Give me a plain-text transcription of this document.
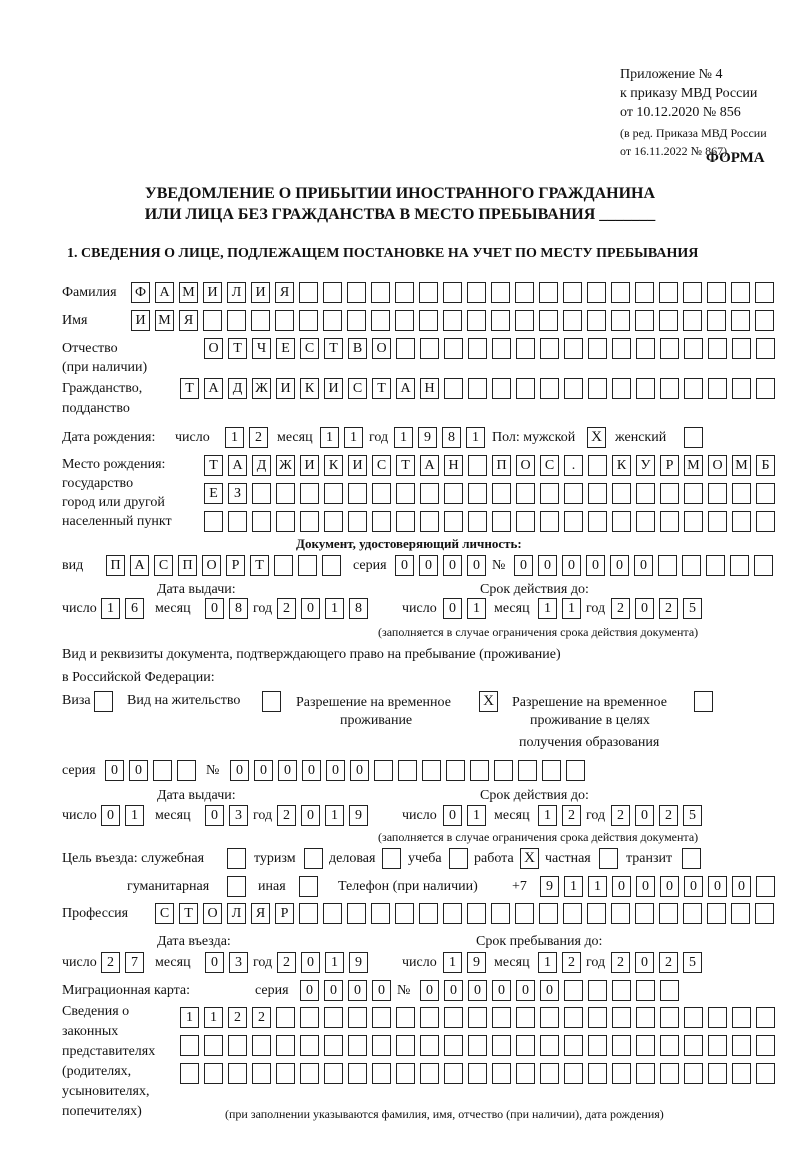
Приложение № 4
к приказу МВД России
от 10.12.2020 № 856
(в ред. Приказа МВД России
от 16.11.2022 № 867)
ФОРМА
УВЕДОМЛЕНИЕ О ПРИБЫТИИ ИНОСТРАННОГО ГРАЖДАНИНА
ИЛИ ЛИЦА БЕЗ ГРАЖДАНСТВА В МЕСТО ПРЕБЫВАНИЯ _______
1. СВЕДЕНИЯ О ЛИЦЕ, ПОДЛЕЖАЩЕМ ПОСТАНОВКЕ НА УЧЕТ ПО МЕСТУ ПРЕБЫВАНИЯ
Фамилия Ф А М И	Л	И	Я
Имя	И М Я
Отчество
(при наличии)
О	Т	Ч	Е	С	Т	В	О
Гражданство,
подданство
Т	А	Д Ж И	К	И	С	Т	А Н
Дата рождения: число	1	2	месяц 1	1 год 1	9	8	1 Пол: мужской X женский
Место рождения:
государство
город или другой
населенный пункт
Т	А	Д Ж И	К	И	С	Т	А Н	П О	С	.	К	У	Р М О М Б
Е	З
Документ, удостоверяющий личность:
вид	П А	С	П О	Р	Т	серия	0	0	0	0 №	0	0	0	0	0	0
Дата выдачи:	Срок действия до:
число 1	6	месяц	0	8 год 2	0	1	8	число 0	1	месяц	1	1 год 2	0	2	5
(заполняется в случае ограничения срока действия документа)
Вид и реквизиты документа, подтверждающего право на пребывание (проживание)
в Российской Федерации:
Виза	Вид на жительство	Разрешение на временное
проживание
X Разрешение на временное
проживание в целях
получения образования
серия	0	0	№	0	0	0	0	0	0
Дата выдачи:	Срок действия до:
число 0	1	месяц	0	3 год 2	0	1	9	число 0	1	месяц	1	2 год 2	0	2	5
(заполняется в случае ограничения срока действия документа)
Цель въезда: служебная	туризм деловая учеба работа X частная	транзит
гуманитарная	иная	Телефон (при наличии) +7	9	1	1	0	0	0	0	0	0
Профессия	С	Т	О	Л	Я	Р
Дата въезда:	Срок пребывания до:
число 2	7	месяц	0	3 год 2	0	1	9	число 1	9	месяц	1	2 год 2	0	2	5
Миграционная карта:	серия	0	0	0	0 №	0	0	0	0	0	0
Сведения о
законных
представителях
(родителях,
усыновителях,
попечителях)
1	1	2	2
(при заполнении указываются фамилия, имя, отчество (при наличии), дата рождения)
